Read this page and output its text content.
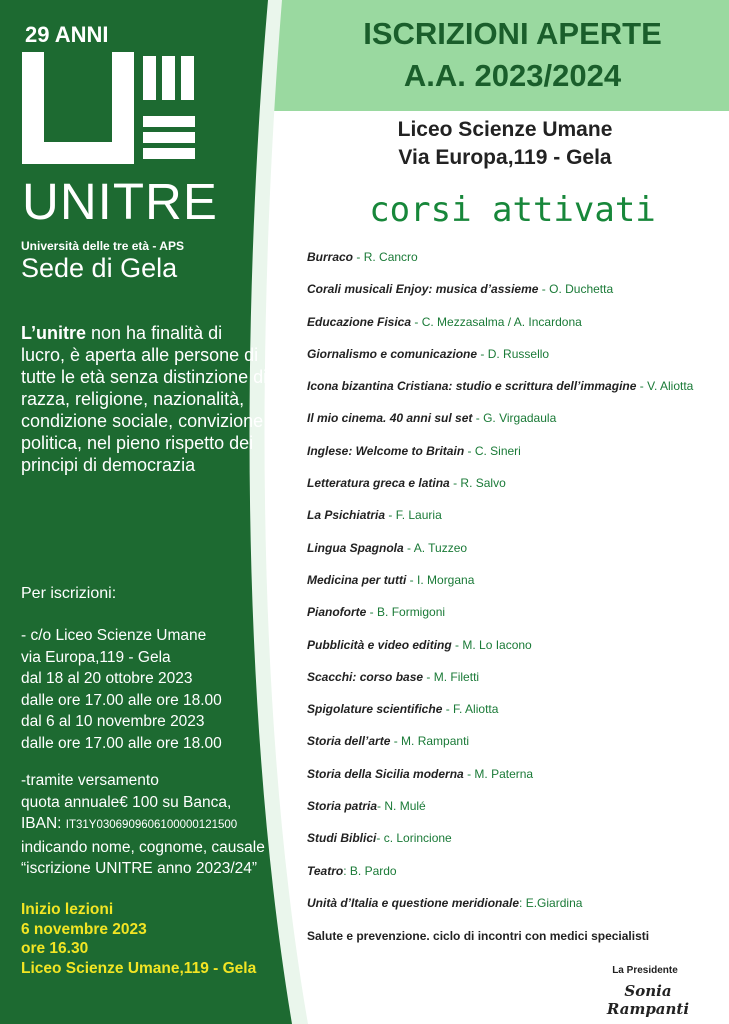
29 ANNI
UNITRE
Università delle tre età - APS
Sede di Gela
L’unitre non ha finalità di lucro, è aperta alle persone di tutte le età senza distinzione di razza, religione, nazionalità, condizione sociale, convizione politica, nel pieno rispetto dei principi di democrazia
Per iscrizioni:
- c/o Liceo Scienze Umane
via Europa,119 - Gela
dal 18 al 20 ottobre 2023
dalle ore 17.00 alle ore 18.00
dal 6 al 10 novembre 2023
dalle ore 17.00 alle ore 18.00
-tramite versamento
quota annuale€ 100 su Banca,
IBAN: IT31Y0306909606100000121500
indicando nome, cognome, causale
“iscrizione UNITRE anno 2023/24”
Inizio lezioni
6 novembre 2023
ore 16.30
Liceo Scienze Umane,119 - Gela
ISCRIZIONI APERTE
A.A. 2023/2024
Liceo Scienze Umane
Via Europa,119 - Gela
corsi attivati
Burraco - R. Cancro
Corali musicali Enjoy: musica d’assieme - O. Duchetta
Educazione Fisica - C. Mezzasalma / A. Incardona
Giornalismo e comunicazione - D. Russello
Icona bizantina Cristiana: studio e scrittura dell’immagine - V. Aliotta
Il mio cinema. 40 anni sul set - G. Virgadaula
Inglese: Welcome to Britain - C. Sineri
Letteratura greca e latina - R. Salvo
La Psichiatria - F. Lauria
Lingua Spagnola - A. Tuzzeo
Medicina per tutti - I. Morgana
Pianoforte - B. Formigoni
Pubblicità e video editing - M. Lo Iacono
Scacchi: corso base - M. Filetti
Spigolature scientifiche - F. Aliotta
Storia dell’arte - M. Rampanti
Storia della Sicilia moderna - M. Paterna
Storia patria- N. Mulé
Studi Biblici- c. Lorincione
Teatro: B. Pardo
Unità d’Italia e questione meridionale: E.Giardina
Salute e prevenzione. ciclo di incontri con medici specialisti
La Presidente
Sonia Rampanti
